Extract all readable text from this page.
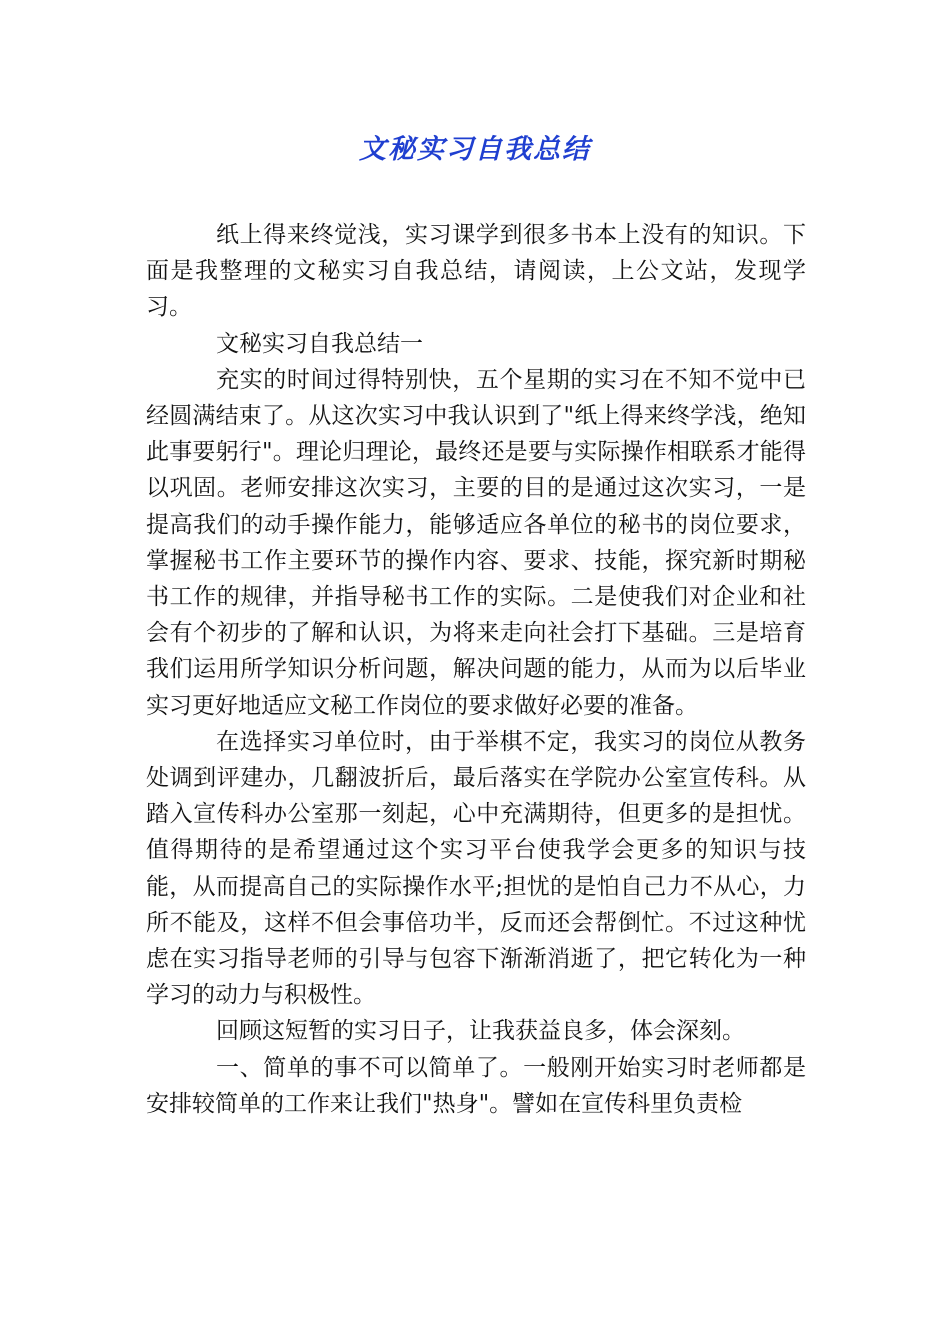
文秘实习自我总结

纸上得来终觉浅，实习课学到很多书本上没有的知识。下面是我整理的文秘实习自我总结，请阅读，上公文站，发现学习。

文秘实习自我总结一

充实的时间过得特别快，五个星期的实习在不知不觉中已经圆满结束了。从这次实习中我认识到了"纸上得来终学浅，绝知此事要躬行"。理论归理论，最终还是要与实际操作相联系才能得以巩固。老师安排这次实习，主要的目的是通过这次实习，一是提高我们的动手操作能力，能够适应各单位的秘书的岗位要求，掌握秘书工作主要环节的操作内容、要求、技能，探究新时期秘书工作的规律，并指导秘书工作的实际。二是使我们对企业和社会有个初步的了解和认识，为将来走向社会打下基础。三是培育我们运用所学知识分析问题，解决问题的能力，从而为以后毕业实习更好地适应文秘工作岗位的要求做好必要的准备。

在选择实习单位时，由于举棋不定，我实习的岗位从教务处调到评建办，几翻波折后，最后落实在学院办公室宣传科。从踏入宣传科办公室那一刻起，心中充满期待，但更多的是担忧。值得期待的是希望通过这个实习平台使我学会更多的知识与技能，从而提高自己的实际操作水平;担忧的是怕自己力不从心，力所不能及，这样不但会事倍功半，反而还会帮倒忙。不过这种忧虑在实习指导老师的引导与包容下渐渐消逝了，把它转化为一种学习的动力与积极性。

回顾这短暂的实习日子，让我获益良多，体会深刻。

一、简单的事不可以简单了。一般刚开始实习时老师都是安排较简单的工作来让我们"热身"。譬如在宣传科里负责检
